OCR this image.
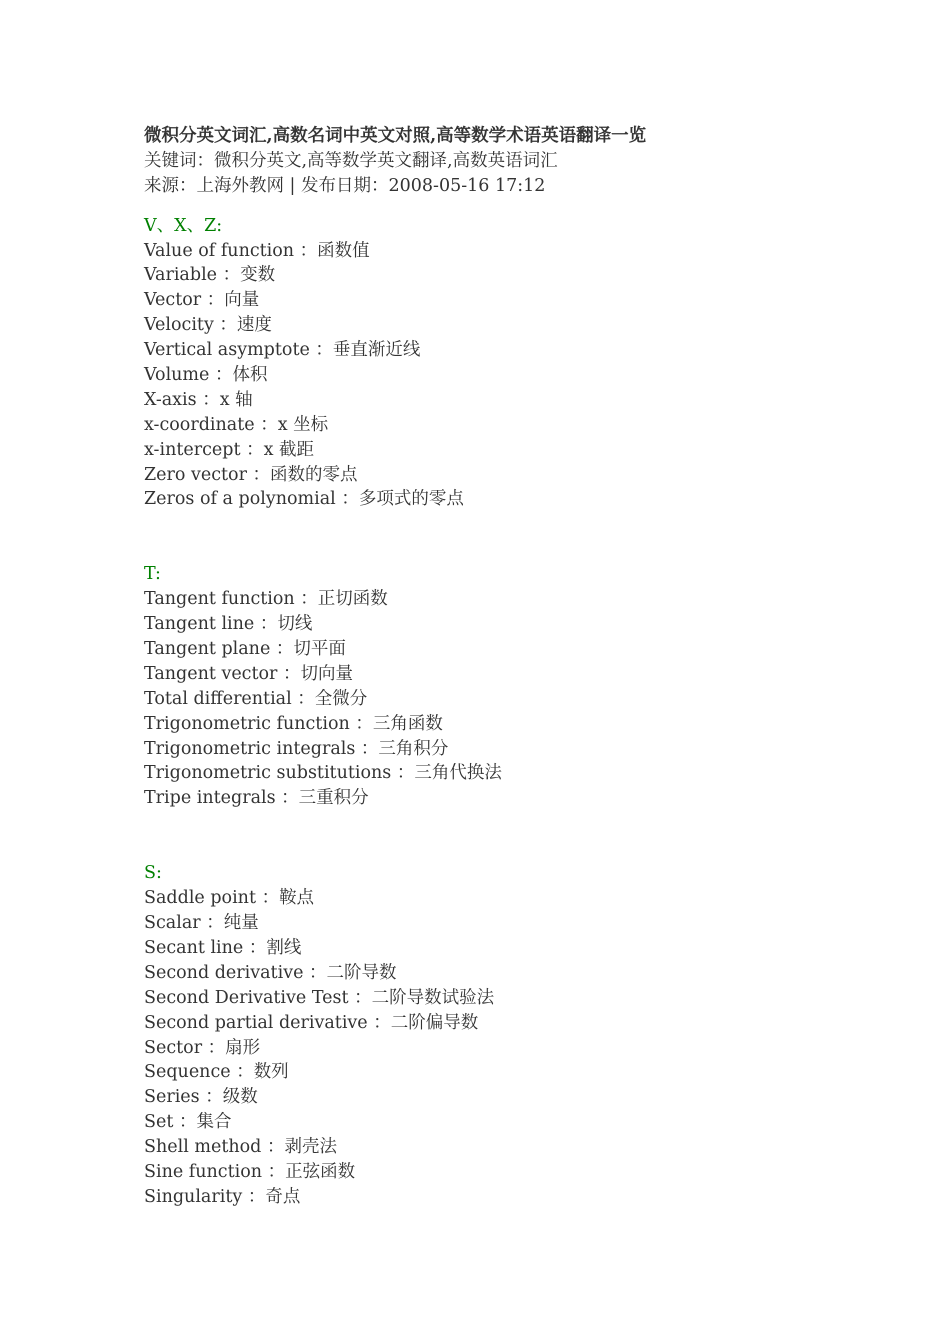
微积分英文词汇,高数名词中英文对照,高等数学术语英语翻译一览
关键词：微积分英文,高等数学英文翻译,高数英语词汇
来源：上海外教网 | 发布日期：2008-05-16 17:12
V、X、Z:
Value of function ：函数值
Variable ：变数
Vector ：向量
Velocity ：速度
Vertical asymptote ：垂直渐近线
Volume ：体积
X-axis ：x 轴
x-coordinate ：x 坐标
x-intercept ：x 截距
Zero vector ：函数的零点
Zeros of a polynomial ：多项式的零点
T:
Tangent function ：正切函数
Tangent line ：切线
Tangent plane ：切平面
Tangent vector ：切向量
Total differential ：全微分
Trigonometric function ：三角函数
Trigonometric integrals ：三角积分
Trigonometric substitutions ：三角代换法
Tripe integrals ：三重积分
S:
Saddle point ：鞍点
Scalar ：纯量
Secant line ：割线
Second derivative ：二阶导数
Second Derivative Test ：二阶导数试验法
Second partial derivative ：二阶偏导数
Sector ：扇形
Sequence ：数列
Series ：级数
Set ：集合
Shell method ：剥壳法
Sine function ：正弦函数
Singularity ：奇点
